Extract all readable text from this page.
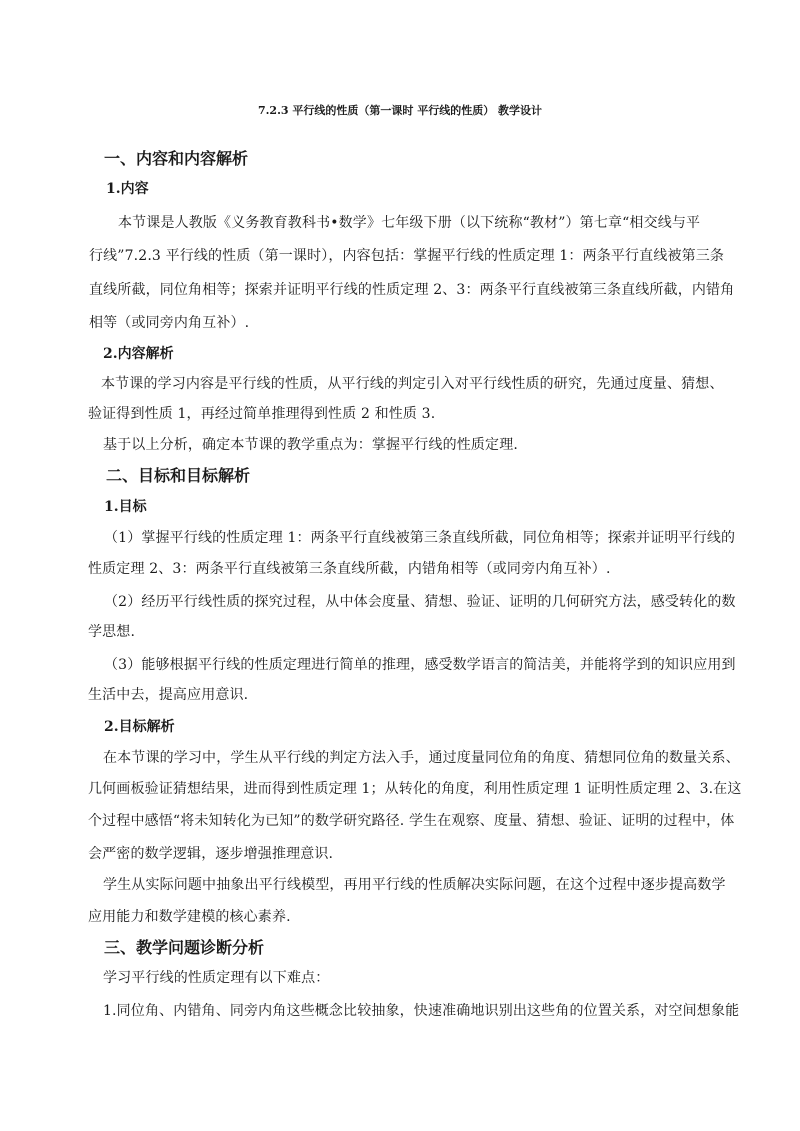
7.2.3 平行线的性质（第一课时 平行线的性质） 教学设计
一、内容和内容解析
1.内容
本节课是人教版《义务教育教科书•数学》七年级下册（以下统称“教材”）第七章“相交线与平
行线”7.2.3 平行线的性质（第一课时），内容包括：掌握平行线的性质定理 1：两条平行直线被第三条
直线所截，同位角相等；探索并证明平行线的性质定理 2、3：两条平行直线被第三条直线所截，内错角
相等（或同旁内角互补）.
2.内容解析
本节课的学习内容是平行线的性质，从平行线的判定引入对平行线性质的研究，先通过度量、猜想、
验证得到性质 1，再经过简单推理得到性质 2 和性质 3.
基于以上分析，确定本节课的教学重点为：掌握平行线的性质定理.
二、目标和目标解析
1.目标
（1）掌握平行线的性质定理 1：两条平行直线被第三条直线所截，同位角相等；探索并证明平行线的
性质定理 2、3：两条平行直线被第三条直线所截，内错角相等（或同旁内角互补）.
（2）经历平行线性质的探究过程，从中体会度量、猜想、验证、证明的几何研究方法，感受转化的数
学思想.
（3）能够根据平行线的性质定理进行简单的推理，感受数学语言的简洁美，并能将学到的知识应用到
生活中去，提高应用意识.
2.目标解析
在本节课的学习中，学生从平行线的判定方法入手，通过度量同位角的角度、猜想同位角的数量关系、
几何画板验证猜想结果，进而得到性质定理 1；从转化的角度，利用性质定理 1 证明性质定理 2、3.在这
个过程中感悟“将未知转化为已知”的数学研究路径. 学生在观察、度量、猜想、验证、证明的过程中，体
会严密的数学逻辑，逐步增强推理意识.
学生从实际问题中抽象出平行线模型，再用平行线的性质解决实际问题，在这个过程中逐步提高数学
应用能力和数学建模的核心素养.
三、教学问题诊断分析
学习平行线的性质定理有以下难点：
1.同位角、内错角、同旁内角这些概念比较抽象，快速准确地识别出这些角的位置关系，对空间想象能
